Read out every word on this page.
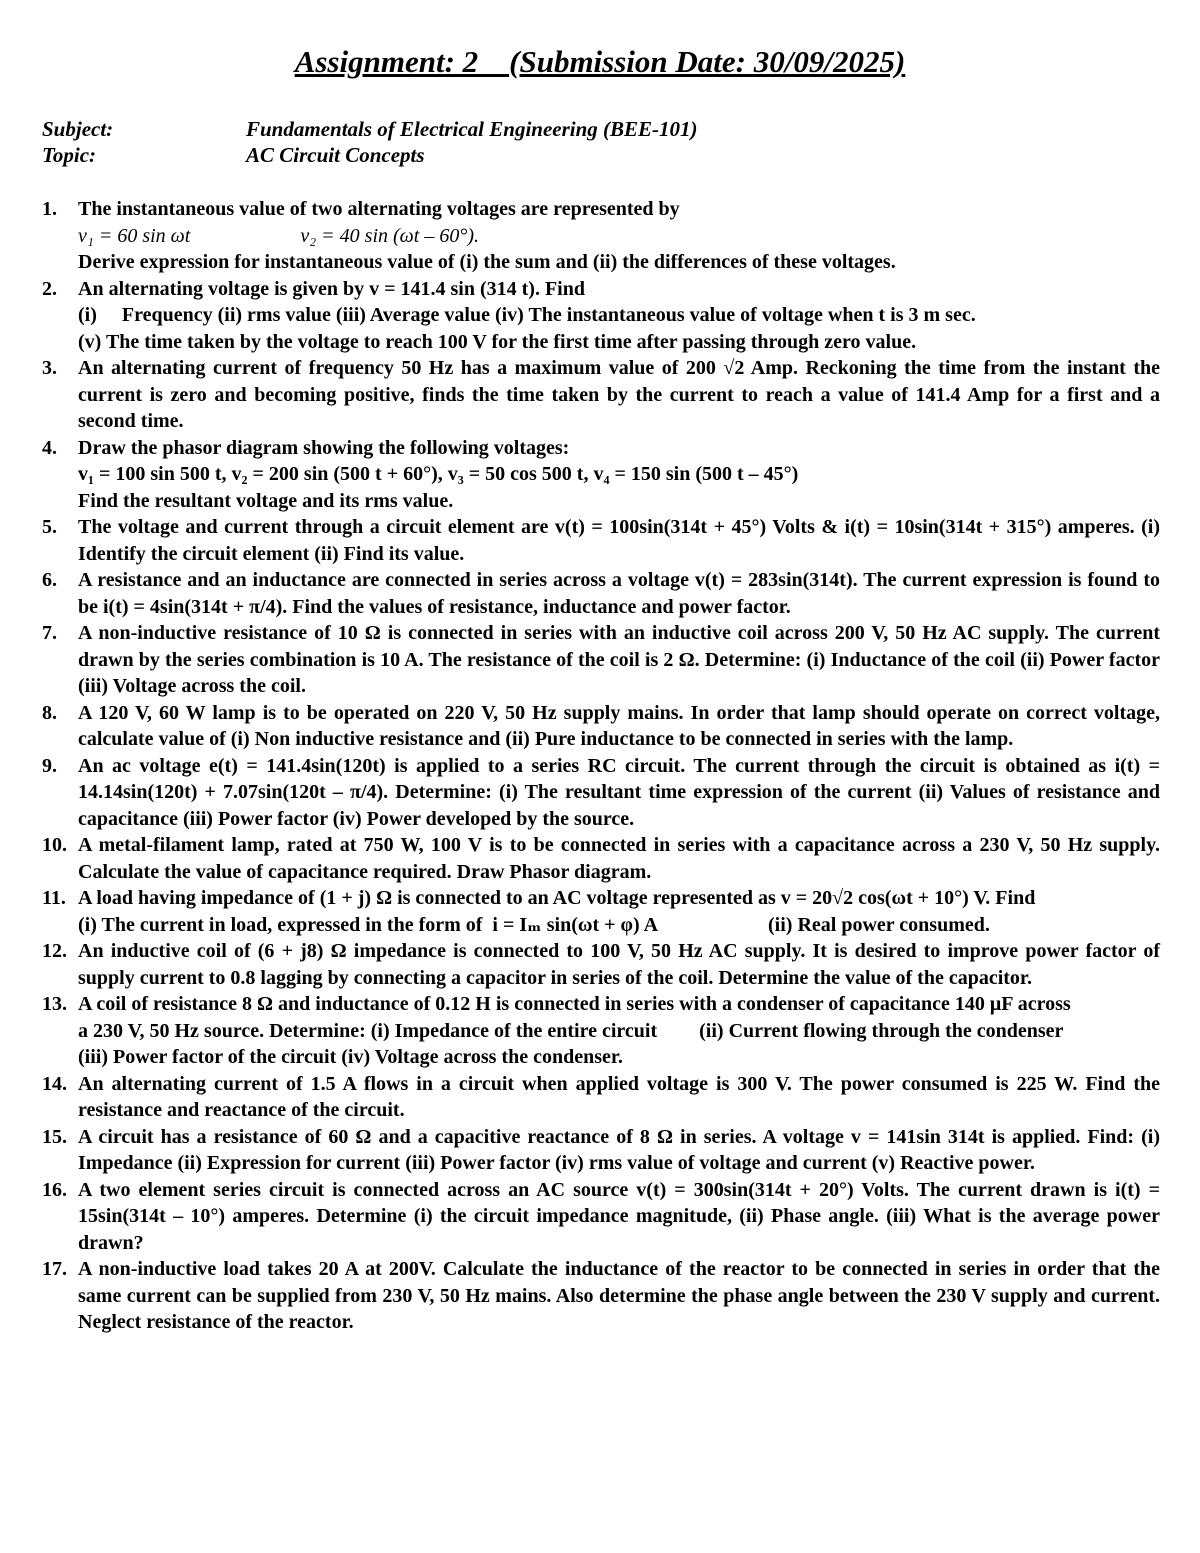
Assignment: 2    (Submission Date: 30/09/2025)
Subject:	Fundamentals of Electrical Engineering (BEE-101)
Topic:	AC Circuit Concepts
1.	The instantaneous value of two alternating voltages are represented by
v₁ = 60 sin ωt	v₂ = 40 sin (ωt – 60°).
Derive expression for instantaneous value of (i) the sum and (ii) the differences of these voltages.
2.	An alternating voltage is given by v = 141.4 sin (314 t). Find
(i)     Frequency (ii) rms value (iii) Average value (iv) The instantaneous value of voltage when t is 3 m sec.
(v) The time taken by the voltage to reach 100 V for the first time after passing through zero value.
3.	An alternating current of frequency 50 Hz has a maximum value of 200 √2 Amp. Reckoning the time from the instant the current is zero and becoming positive, finds the time taken by the current to reach a value of 141.4 Amp for a first and a second time.
4.	Draw the phasor diagram showing the following voltages:
v₁ = 100 sin 500 t, v₂ = 200 sin (500 t + 60°), v₃ = 50 cos 500 t, v₄ = 150 sin (500 t – 45°)
Find the resultant voltage and its rms value.
5.	The voltage and current through a circuit element are v(t) = 100sin(314t + 45°) Volts & i(t) = 10sin(314t + 315°) amperes. (i) Identify the circuit element (ii) Find its value.
6.	A resistance and an inductance are connected in series across a voltage v(t) = 283sin(314t). The current expression is found to be i(t) = 4sin(314t + π/4). Find the values of resistance, inductance and power factor.
7.	A non-inductive resistance of 10 Ω is connected in series with an inductive coil across 200 V, 50 Hz AC supply. The current drawn by the series combination is 10 A. The resistance of the coil is 2 Ω. Determine: (i) Inductance of the coil (ii) Power factor (iii) Voltage across the coil.
8.	A 120 V, 60 W lamp is to be operated on 220 V, 50 Hz supply mains. In order that lamp should operate on correct voltage, calculate value of (i) Non inductive resistance and (ii) Pure inductance to be connected in series with the lamp.
9.	An ac voltage e(t) = 141.4sin(120t) is applied to a series RC circuit. The current through the circuit is obtained as i(t) = 14.14sin(120t) + 7.07sin(120t – π/4). Determine: (i) The resultant time expression of the current (ii) Values of resistance and capacitance (iii) Power factor (iv) Power developed by the source.
10. A metal-filament lamp, rated at 750 W, 100 V is to be connected in series with a capacitance across a 230 V, 50 Hz supply. Calculate the value of capacitance required. Draw Phasor diagram.
11. A load having impedance of (1 + j) Ω is connected to an AC voltage represented as v = 20√2 cos(ωt + 10°) V. Find
(i) The current in load, expressed in the form of  i = Iₘ sin(ωt + φ) A	(ii) Real power consumed.
12. An inductive coil of (6 + j8) Ω impedance is connected to 100 V, 50 Hz AC supply. It is desired to improve power factor of supply current to 0.8 lagging by connecting a capacitor in series of the coil. Determine the value of the capacitor.
13. A coil of resistance 8 Ω and inductance of 0.12 H is connected in series with a condenser of capacitance 140 μF across
a 230 V, 50 Hz source. Determine: (i) Impedance of the entire circuit (ii) Current flowing through the condenser
(iii) Power factor of the circuit (iv) Voltage across the condenser.
14. An alternating current of 1.5 A flows in a circuit when applied voltage is 300 V. The power consumed is 225 W. Find the resistance and reactance of the circuit.
15. A circuit has a resistance of 60 Ω and a capacitive reactance of 8 Ω in series. A voltage v = 141sin 314t is applied. Find: (i) Impedance (ii) Expression for current (iii) Power factor (iv) rms value of voltage and current (v) Reactive power.
16. A two element series circuit is connected across an AC source v(t) = 300sin(314t + 20°) Volts. The current drawn is i(t) = 15sin(314t – 10°) amperes. Determine (i) the circuit impedance magnitude, (ii) Phase angle. (iii) What is the average power drawn?
17. A non-inductive load takes 20 A at 200V. Calculate the inductance of the reactor to be connected in series in order that the same current can be supplied from 230 V, 50 Hz mains. Also determine the phase angle between the 230 V supply and current. Neglect resistance of the reactor.
